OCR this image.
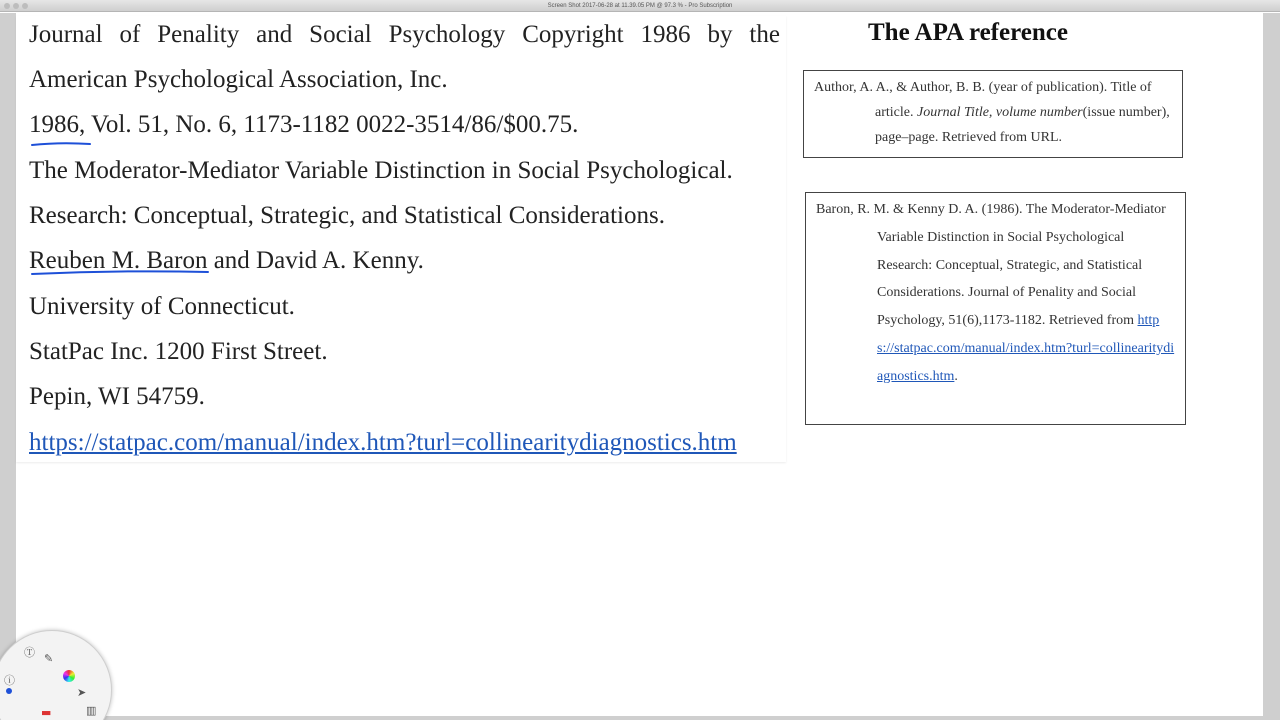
Screen Shot 2017-06-28 at 11.39.05 PM @ 97.3 % - Pro Subscription
Journal of Penality and Social Psychology Copyright 1986 by the
American Psychological Association, Inc.
1986, Vol. 51, No. 6, 1173-1182 0022-3514/86/$00.75.
The Moderator-Mediator Variable Distinction in Social Psychological.
Research: Conceptual, Strategic, and Statistical Considerations.
Reuben M. Baron and David A. Kenny.
University of Connecticut.
StatPac Inc. 1200 First Street.
Pepin, WI 54759.
https://statpac.com/manual/index.htm?turl=collinearitydiagnostics.htm
The APA reference
Author, A. A., & Author, B. B. (year of publication). Title of article. Journal Title, volume number(issue number), page–page. Retrieved from URL.
Baron, R. M. & Kenny D. A. (1986). The Moderator-Mediator Variable Distinction in Social Psychological Research: Conceptual, Strategic, and Statistical Considerations. Journal of Penality and Social Psychology, 51(6),1173-1182. Retrieved from https://statpac.com/manual/index.htm?turl=collinearitydiagnostics.htm.
Ⓣ ✎
➤
▬	▥
ⓘ
